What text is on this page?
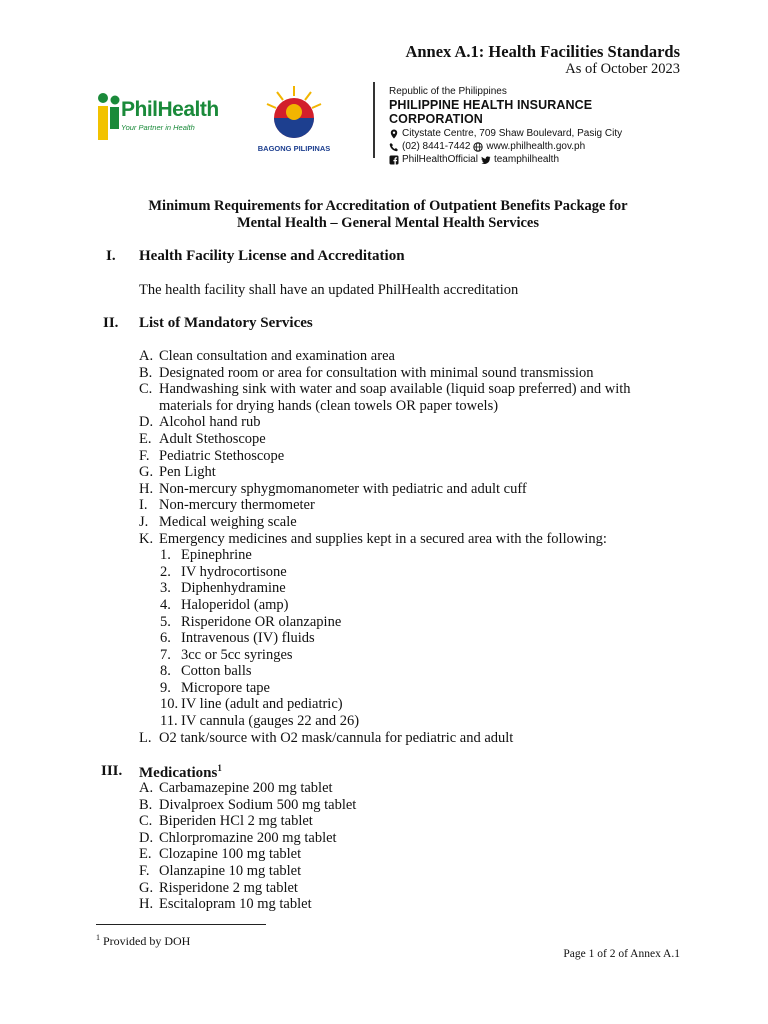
Annex A.1: Health Facilities Standards
As of October 2023
PhilHealth
Your Partner in Health
BAGONG PILIPINAS
Republic of the Philippines
PHILIPPINE HEALTH INSURANCE CORPORATION
Citystate Centre, 709 Shaw Boulevard, Pasig City
(02) 8441-7442 www.philhealth.gov.ph
PhilHealthOfficial teamphilhealth
Minimum Requirements for Accreditation of Outpatient Benefits Package for
Mental Health – General Mental Health Services
I. Health Facility License and Accreditation
The health facility shall have an updated PhilHealth accreditation
II. List of Mandatory Services
A. Clean consultation and examination area
B. Designated room or area for consultation with minimal sound transmission
C. Handwashing sink with water and soap available (liquid soap preferred) and with materials for drying hands (clean towels OR paper towels)
D. Alcohol hand rub
E. Adult Stethoscope
F. Pediatric Stethoscope
G. Pen Light
H. Non-mercury sphygmomanometer with pediatric and adult cuff
I. Non-mercury thermometer
J. Medical weighing scale
K. Emergency medicines and supplies kept in a secured area with the following:
1. Epinephrine
2. IV hydrocortisone
3. Diphenhydramine
4. Haloperidol (amp)
5. Risperidone OR olanzapine
6. Intravenous (IV) fluids
7. 3cc or 5cc syringes
8. Cotton balls
9. Micropore tape
10. IV line (adult and pediatric)
11. IV cannula (gauges 22 and 26)
L. O2 tank/source with O2 mask/cannula for pediatric and adult
III. Medications$^1$
A. Carbamazepine 200 mg tablet
B. Divalproex Sodium 500 mg tablet
C. Biperiden HCl 2 mg tablet
D. Chlorpromazine 200 mg tablet
E. Clozapine 100 mg tablet
F. Olanzapine 10 mg tablet
G. Risperidone 2 mg tablet
H. Escitalopram 10 mg tablet
$^1$ Provided by DOH
Page 1 of 2 of Annex A.1
